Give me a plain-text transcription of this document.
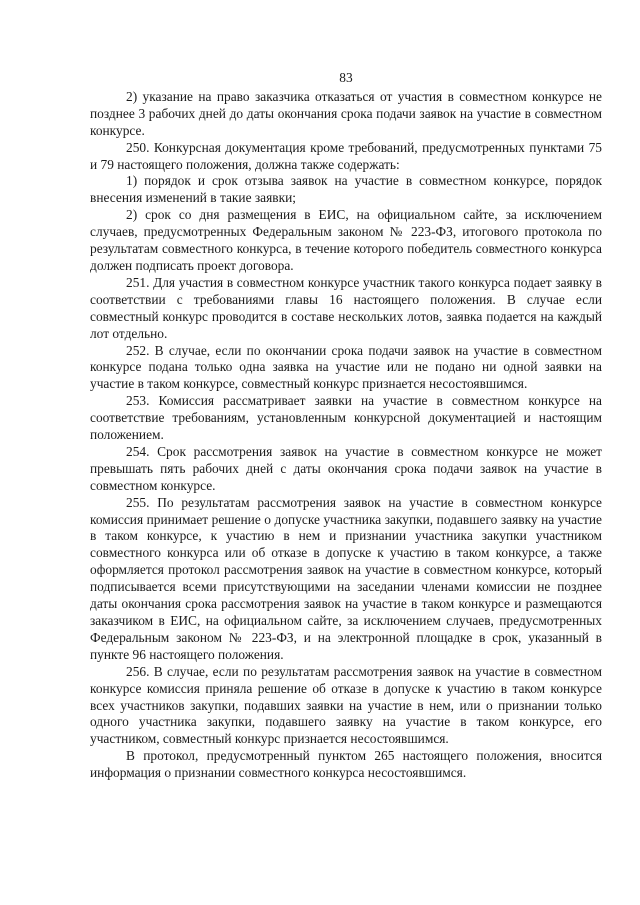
83

2) указание на право заказчика отказаться от участия в совместном конкурсе не позднее 3 рабочих дней до даты окончания срока подачи заявок на участие в совместном конкурсе.

250. Конкурсная документация кроме требований, предусмотренных пунктами 75 и 79 настоящего положения, должна также содержать:

1) порядок и срок отзыва заявок на участие в совместном конкурсе, порядок внесения изменений в такие заявки;

2) срок со дня размещения в ЕИС, на официальном сайте, за исключением случаев, предусмотренных Федеральным законом № 223-ФЗ, итогового протокола по результатам совместного конкурса, в течение которого победитель совместного конкурса должен подписать проект договора.

251. Для участия в совместном конкурсе участник такого конкурса подает заявку в соответствии с требованиями главы 16 настоящего положения. В случае если совместный конкурс проводится в составе нескольких лотов, заявка подается на каждый лот отдельно.

252. В случае, если по окончании срока подачи заявок на участие в совместном конкурсе подана только одна заявка на участие или не подано ни одной заявки на участие в таком конкурсе, совместный конкурс признается несостоявшимся.

253. Комиссия рассматривает заявки на участие в совместном конкурсе на соответствие требованиям, установленным конкурсной документацией и настоящим положением.

254. Срок рассмотрения заявок на участие в совместном конкурсе не может превышать пять рабочих дней с даты окончания срока подачи заявок на участие в совместном конкурсе.

255. По результатам рассмотрения заявок на участие в совместном конкурсе комиссия принимает решение о допуске участника закупки, подавшего заявку на участие в таком конкурсе, к участию в нем и признании участника закупки участником совместного конкурса или об отказе в допуске к участию в таком конкурсе, а также оформляется протокол рассмотрения заявок на участие в совместном конкурсе, который подписывается всеми присутствующими на заседании членами комиссии не позднее даты окончания срока рассмотрения заявок на участие в таком конкурсе и размещаются заказчиком в ЕИС, на официальном сайте, за исключением случаев, предусмотренных Федеральным законом № 223-ФЗ, и на электронной площадке в срок, указанный в пункте 96 настоящего положения.

256. В случае, если по результатам рассмотрения заявок на участие в совместном конкурсе комиссия приняла решение об отказе в допуске к участию в таком конкурсе всех участников закупки, подавших заявки на участие в нем, или о признании только одного участника закупки, подавшего заявку на участие в таком конкурсе, его участником, совместный конкурс признается несостоявшимся.

В протокол, предусмотренный пунктом 265 настоящего положения, вносится информация о признании совместного конкурса несостоявшимся.
